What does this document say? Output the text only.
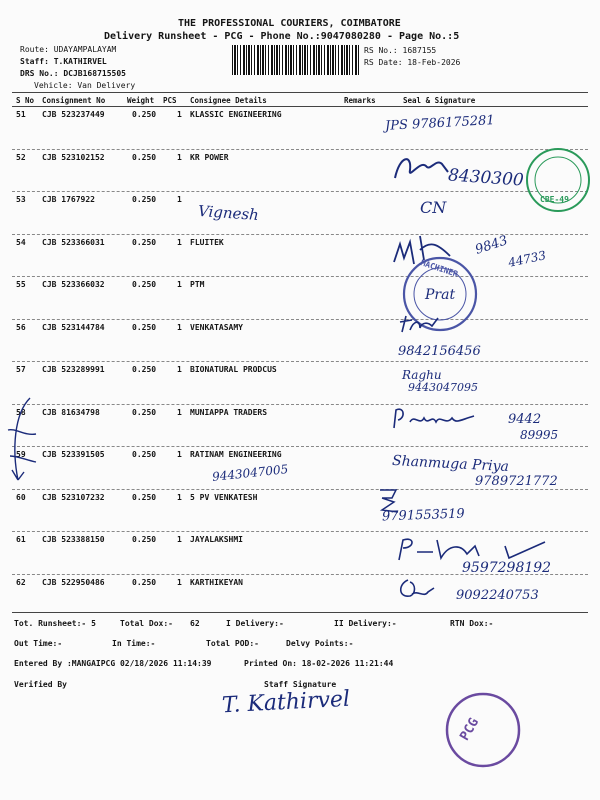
THE PROFESSIONAL COURIERS, COIMBATORE
Delivery Runsheet - PCG - Phone No.:9047080280 - Page No.:5
Route: UDAYAMPALAYAM
Staff: T.KATHIRVEL
DRS No.: DCJB168715505
Vehicle: Van Delivery
RS No.: 1687155
RS Date: 18-Feb-2026
S No Consignment No	Weight PCS Consignee Details	Remarks	Seal & Signature
51 CJB 523237449	0.250	1 KLASSIC ENGINEERING
52 CJB 523102152	0.250	1 KR POWER
53 CJB 1767922	0.250	1
54 CJB 523366031	0.250	1 FLUITEK
55 CJB 523366032	0.250	1 PTM
56 CJB 523144784	0.250	1 VENKATASAMY
57 CJB 523289991	0.250	1 BIONATURAL PRODCUS
58 CJB 81634798	0.250	1 MUNIAPPA TRADERS
59 CJB 523391505	0.250	1 RATINAM ENGINEERING
60 CJB 523107232	0.250	1 5 PV VENKATESH
61 CJB 523388150	0.250	1 JAYALAKSHMI
62 CJB 522950486	0.250	1 KARTHIKEYAN
JPS 9786175281
8430300
CN	CBE-49
Vignesh
9843
44733
MACHINER
Prat
9842156456
Raghu
9443047095
9442
89995
Shanmuga Priya
9789721772
9443047005
9791553519
9597298192
9092240753
Tot. Runsheet:- 5	Total Dox:- 62	I Delivery:-	II Delivery:-	RTN Dox:-
Out Time:-	In Time:-	Total POD:-	Delvy Points:-
Entered By :MANGAIPCG 02/18/2026 11:14:39	Printed On: 18-02-2026 11:21:44
Verified By	Staff Signature
T. Kathirvel
PCG
